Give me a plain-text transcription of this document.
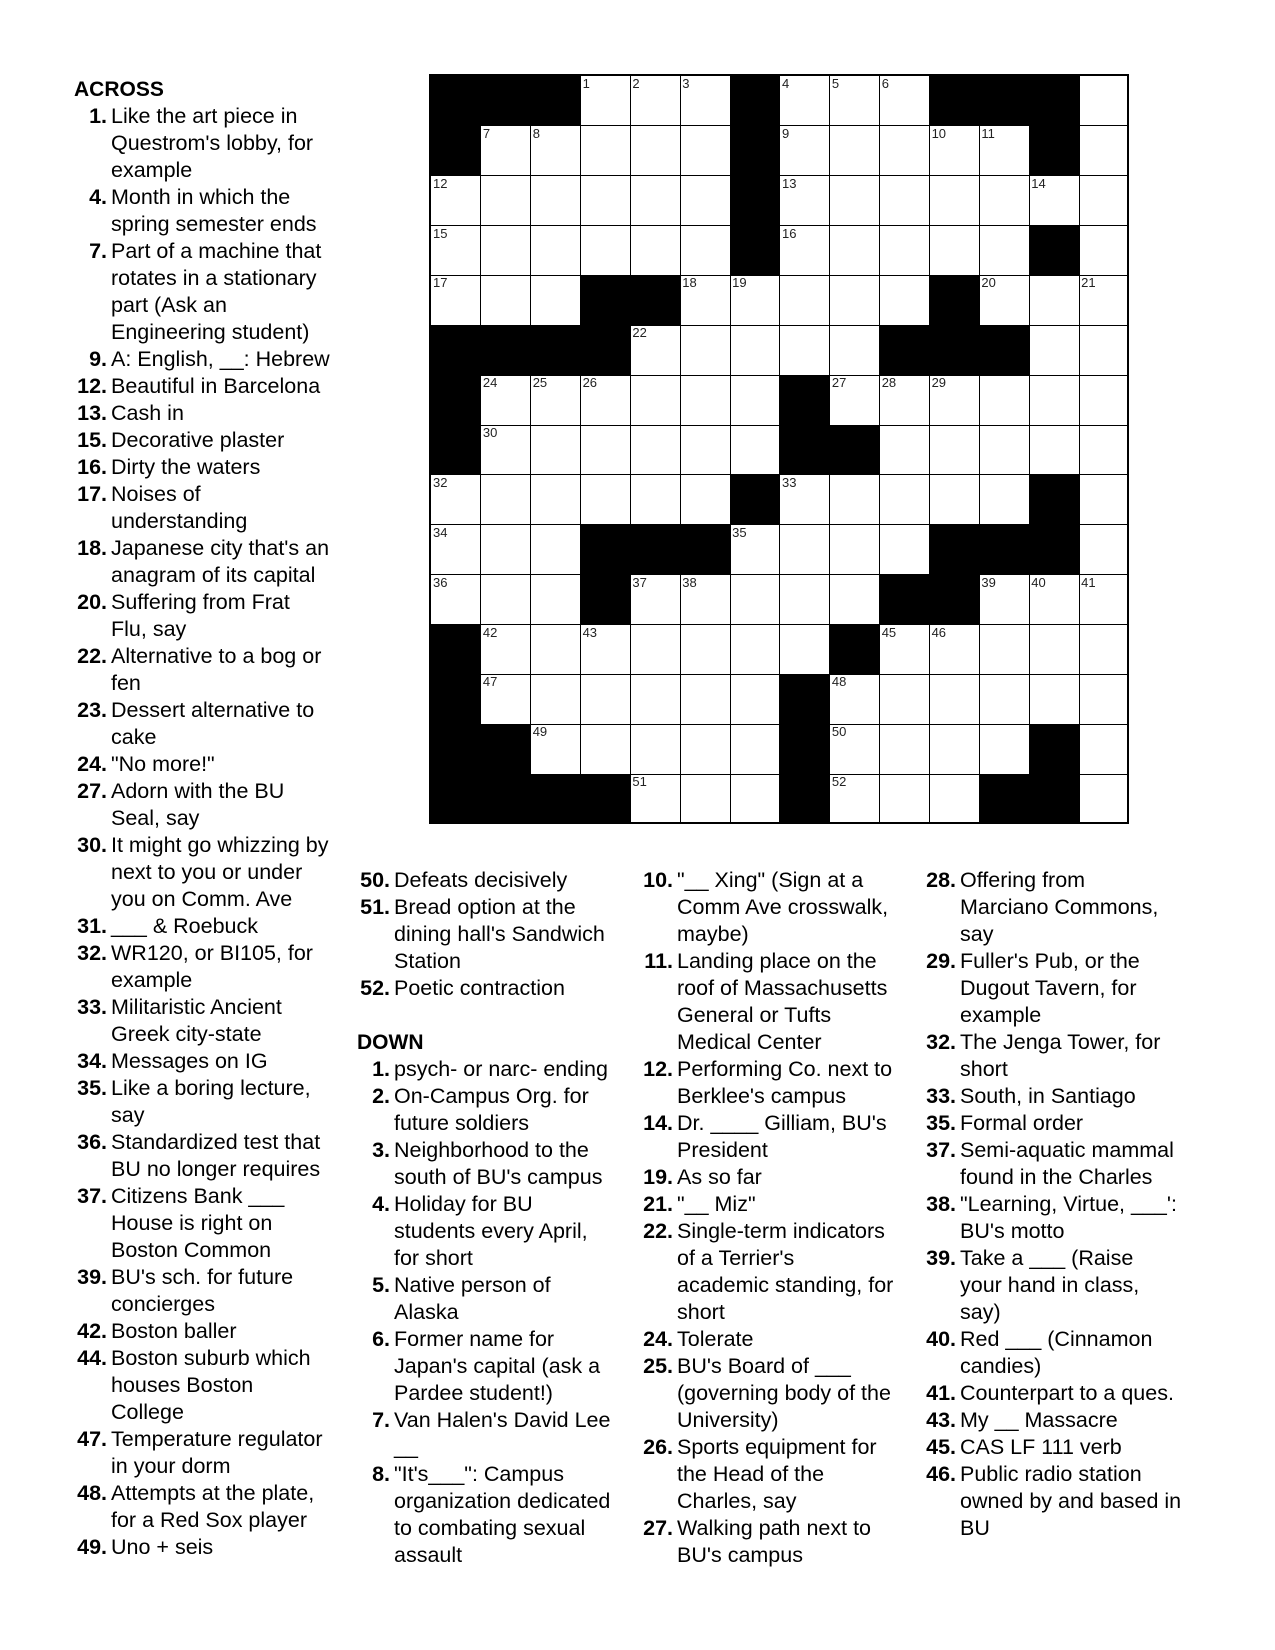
1	2	3	4	5	6
7	8	9	10	11
12	13	14
15	16
17	18	19	20	21
22
24	25	26	27	28	29
30
32	33
34	35
36	37	38	39	40	41
42	43	45	46
47	48
49	50
51	52
ACROSS
1. Like the art piece in
Questrom's lobby, for
example
4. Month in which the
spring semester ends
7. Part of a machine that
rotates in a stationary
part (Ask an
Engineering student)
9. A: English, __: Hebrew
12. Beautiful in Barcelona
13. Cash in
15. Decorative plaster
16. Dirty the waters
17. Noises of
understanding
18. Japanese city that's an
anagram of its capital
20. Suffering from Frat
Flu, say
22. Alternative to a bog or
fen
23. Dessert alternative to
cake
24. "No more!"
27. Adorn with the BU
Seal, say
30. It might go whizzing by
next to you or under
you on Comm. Ave
31. ___ & Roebuck
32. WR120, or BI105, for
example
33. Militaristic Ancient
Greek city-state
34. Messages on IG
35. Like a boring lecture,
say
36. Standardized test that
BU no longer requires
37. Citizens Bank ___
House is right on
Boston Common
39. BU's sch. for future
concierges
42. Boston baller
44. Boston suburb which
houses Boston
College
47. Temperature regulator
in your dorm
48. Attempts at the plate,
for a Red Sox player
49. Uno + seis
50. Defeats decisively
51. Bread option at the
dining hall's Sandwich
Station
52. Poetic contraction
DOWN
1. psych- or narc- ending
2. On-Campus Org. for
future soldiers
3. Neighborhood to the
south of BU's campus
4. Holiday for BU
students every April,
for short
5. Native person of
Alaska
6. Former name for
Japan's capital (ask a
Pardee student!)
7. Van Halen's David Lee
__
8. "It's___": Campus
organization dedicated
to combating sexual
assault
10. "__ Xing" (Sign at a
Comm Ave crosswalk,
maybe)
11. Landing place on the
roof of Massachusetts
General or Tufts
Medical Center
12. Performing Co. next to
Berklee's campus
14. Dr. ____ Gilliam, BU's
President
19. As so far
21. "__ Miz"
22. Single-term indicators
of a Terrier's
academic standing, for
short
24. Tolerate
25. BU's Board of ___
(governing body of the
University)
26. Sports equipment for
the Head of the
Charles, say
27. Walking path next to
BU's campus
28. Offering from
Marciano Commons,
say
29. Fuller's Pub, or the
Dugout Tavern, for
example
32. The Jenga Tower, for
short
33. South, in Santiago
35. Formal order
37. Semi-aquatic mammal
found in the Charles
38. "Learning, Virtue, ___':
BU's motto
39. Take a ___ (Raise
your hand in class,
say)
40. Red ___ (Cinnamon
candies)
41. Counterpart to a ques.
43. My __ Massacre
45. CAS LF 111 verb
46. Public radio station
owned by and based in
BU
